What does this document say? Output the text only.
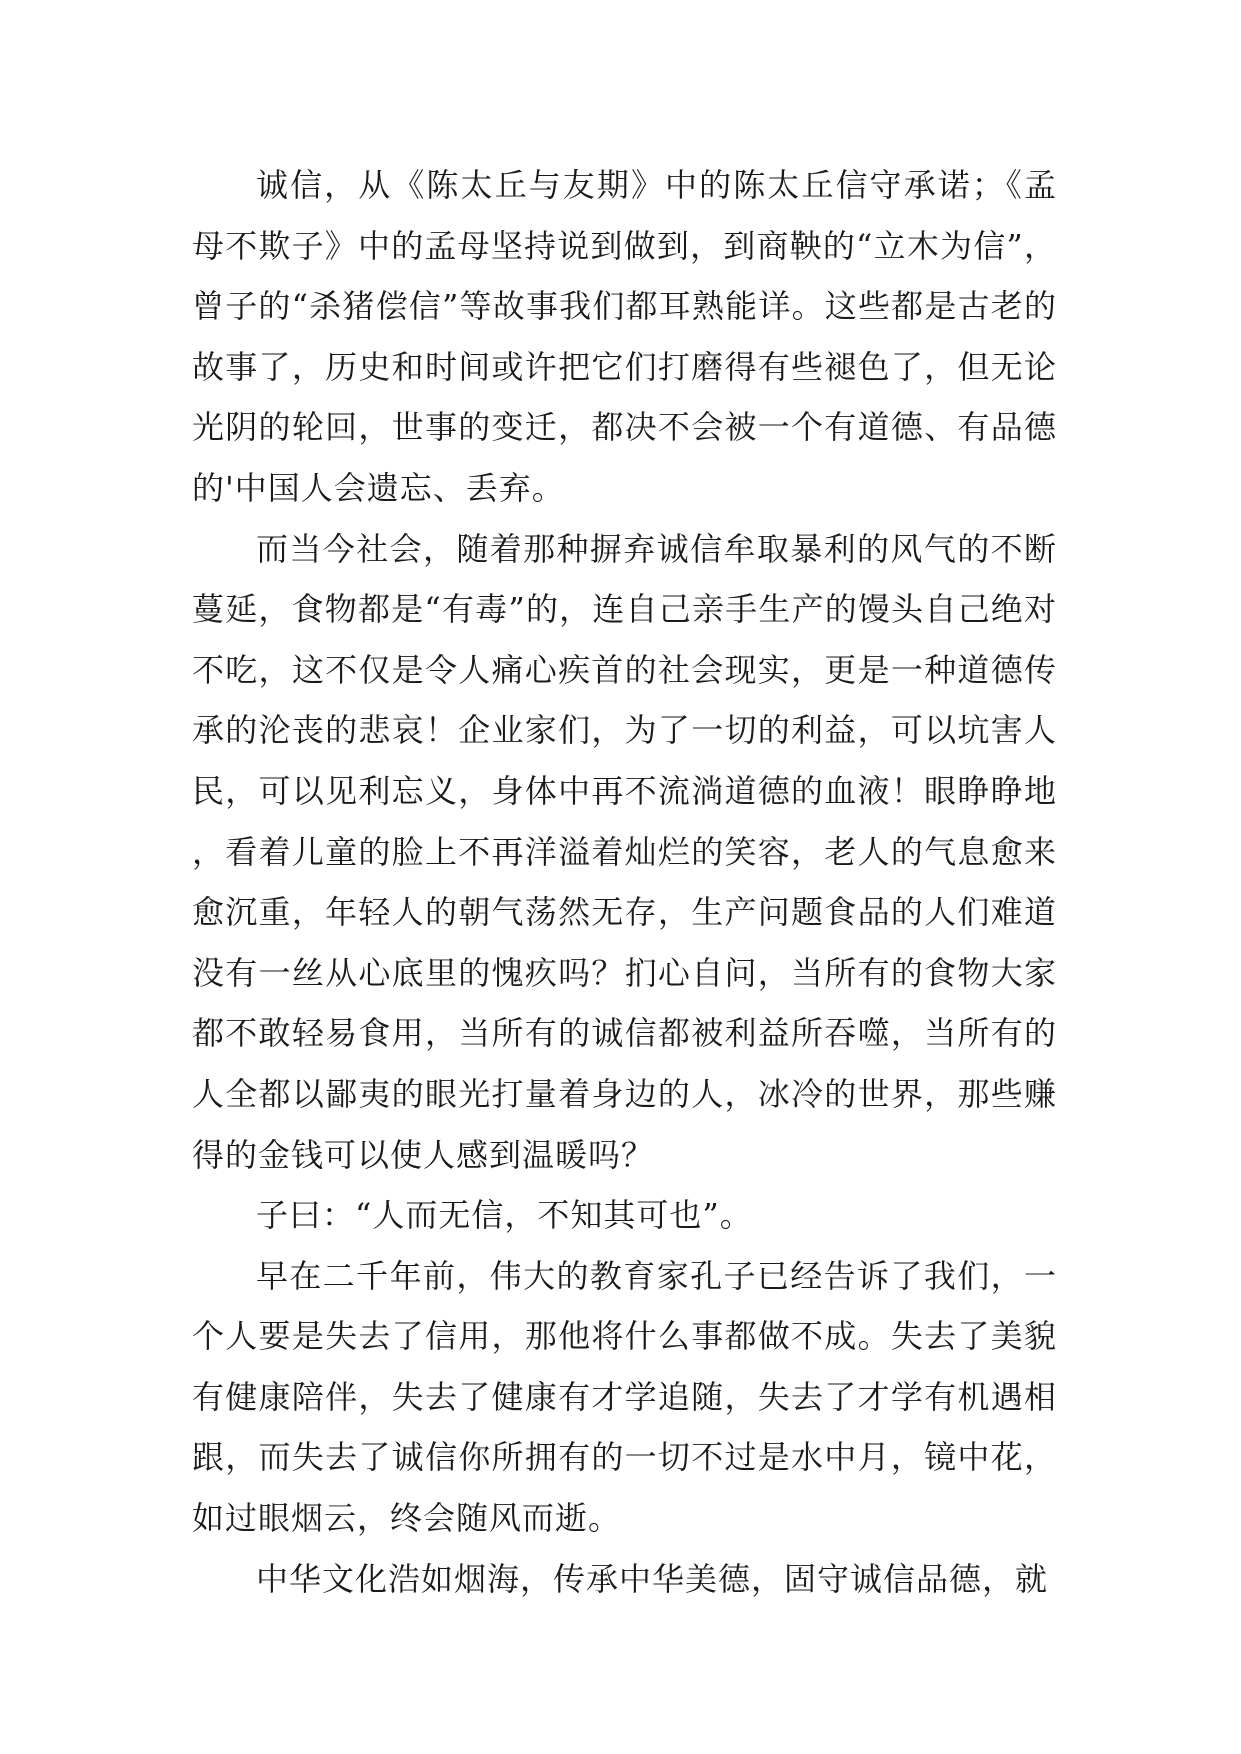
诚信，从《陈太丘与友期》中的陈太丘信守承诺；《孟母不欺子》中的孟母坚持说到做到，到商鞅的“立木为信”，曾子的“杀猪偿信”等故事我们都耳熟能详。这些都是古老的故事了，历史和时间或许把它们打磨得有些褪色了，但无论光阴的轮回，世事的变迁，都决不会被一个有道德、有品德的'中国人会遗忘、丢弃。

而当今社会，随着那种摒弃诚信牟取暴利的风气的不断蔓延，食物都是“有毒”的，连自己亲手生产的馒头自己绝对不吃，这不仅是令人痛心疾首的社会现实，更是一种道德传承的沦丧的悲哀！企业家们，为了一切的利益，可以坑害人民，可以见利忘义，身体中再不流淌道德的血液！眼睁睁地，看着儿童的脸上不再洋溢着灿烂的笑容，老人的气息愈来愈沉重，年轻人的朝气荡然无存，生产问题食品的人们难道没有一丝从心底里的愧疚吗？扪心自问，当所有的食物大家都不敢轻易食用，当所有的诚信都被利益所吞噬，当所有的人全都以鄙夷的眼光打量着身边的人，冰冷的世界，那些赚得的金钱可以使人感到温暖吗？

子曰：“人而无信，不知其可也”。

早在二千年前，伟大的教育家孔子已经告诉了我们，一个人要是失去了信用，那他将什么事都做不成。失去了美貌有健康陪伴，失去了健康有才学追随，失去了才学有机遇相跟，而失去了诚信你所拥有的一切不过是水中月，镜中花，如过眼烟云，终会随风而逝。

中华文化浩如烟海，传承中华美德，固守诚信品德，就
